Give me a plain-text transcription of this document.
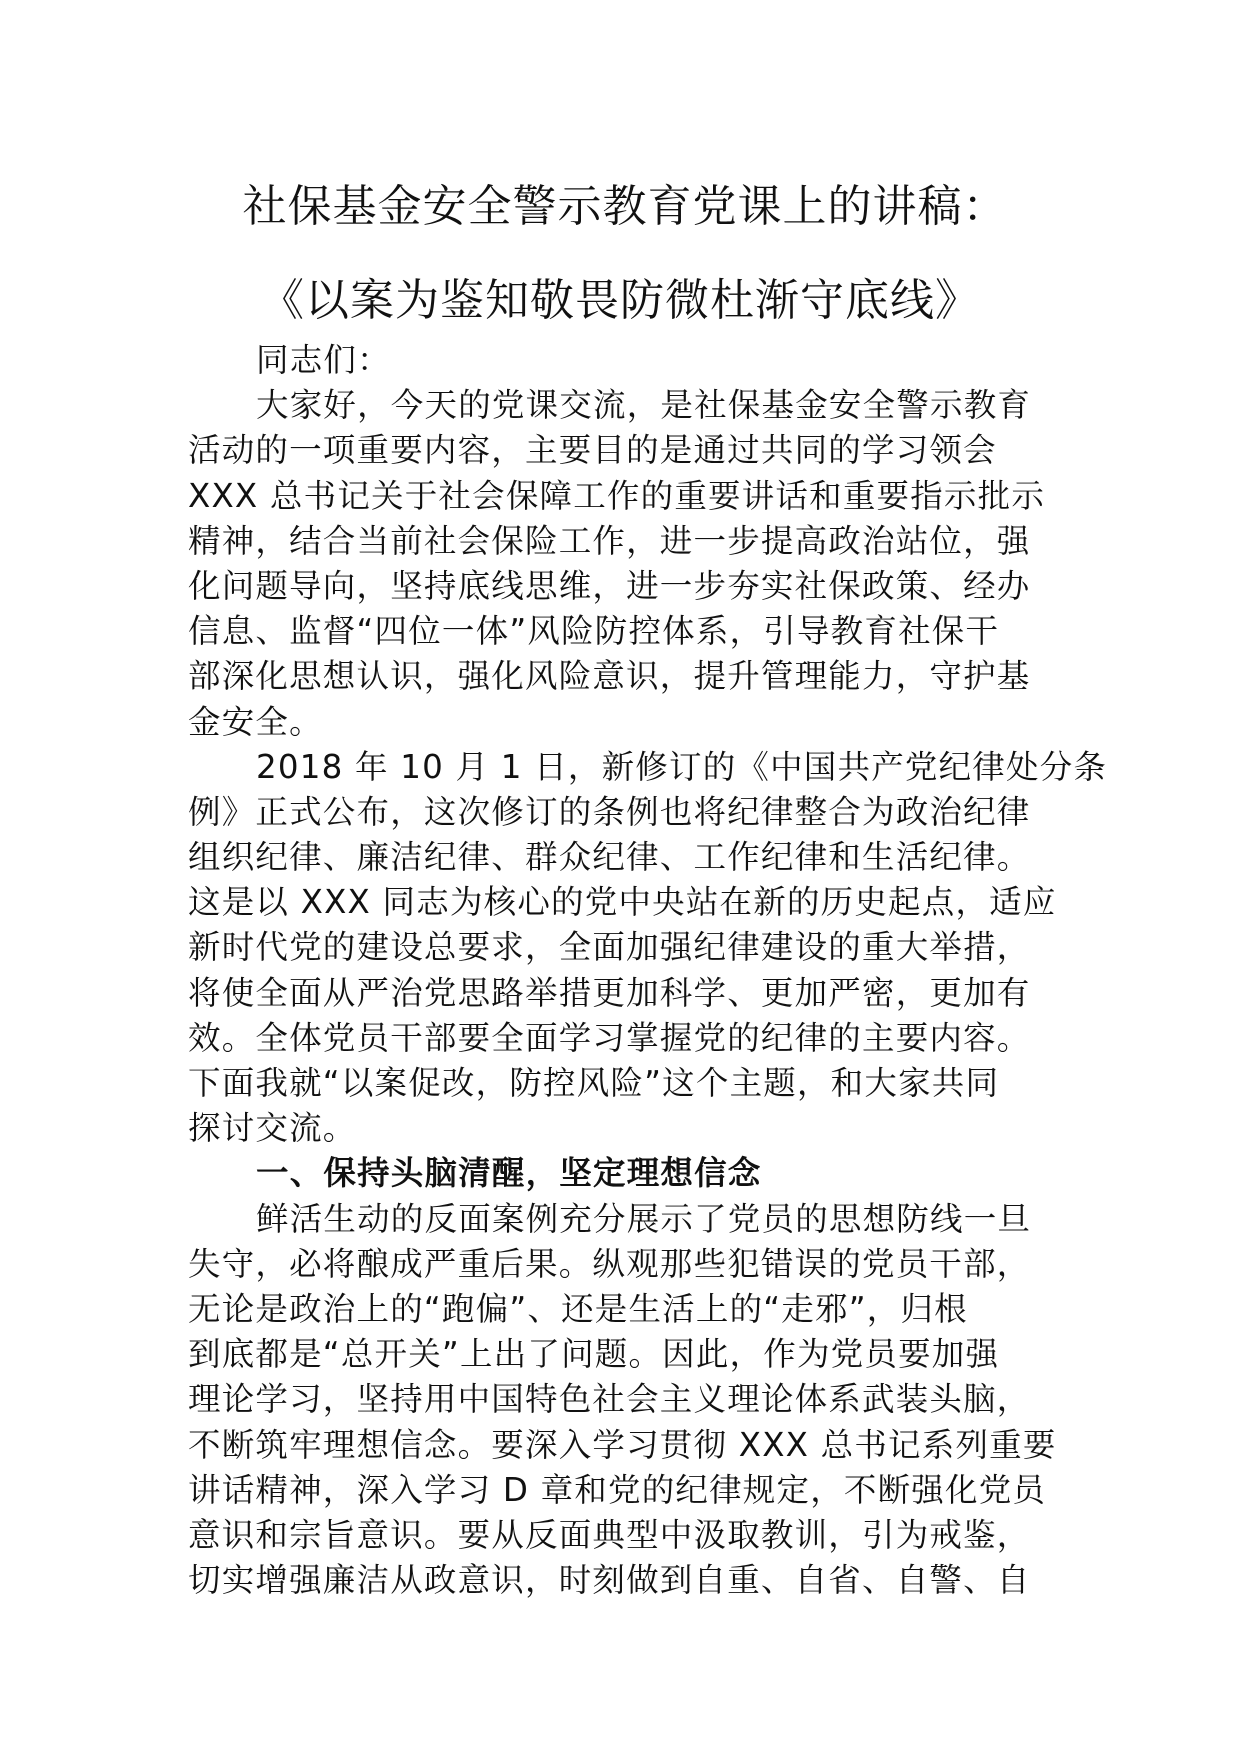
社保基金安全警示教育党课上的讲稿：
《以案为鉴知敬畏防微杜渐守底线》
同志们：
大家好，今天的党课交流，是社保基金安全警示教育
活动的一项重要内容，主要目的是通过共同的学习领会
XXX 总书记关于社会保障工作的重要讲话和重要指示批示
精神，结合当前社会保险工作，进一步提高政治站位，强
化问题导向，坚持底线思维，进一步夯实社保政策、经办
信息、监督“四位一体”风险防控体系，引导教育社保干
部深化思想认识，强化风险意识，提升管理能力，守护基
金安全。
2018 年 10 月 1 日，新修订的《中国共产党纪律处分条
例》正式公布，这次修订的条例也将纪律整合为政治纪律
组织纪律、廉洁纪律、群众纪律、工作纪律和生活纪律。
这是以 XXX 同志为核心的党中央站在新的历史起点，适应
新时代党的建设总要求，全面加强纪律建设的重大举措，
将使全面从严治党思路举措更加科学、更加严密，更加有
效。全体党员干部要全面学习掌握党的纪律的主要内容。
下面我就“以案促改，防控风险”这个主题，和大家共同
探讨交流。
一、保持头脑清醒，坚定理想信念
鲜活生动的反面案例充分展示了党员的思想防线一旦
失守，必将酿成严重后果。纵观那些犯错误的党员干部，
无论是政治上的“跑偏”、还是生活上的“走邪”，归根
到底都是“总开关”上出了问题。因此，作为党员要加强
理论学习，坚持用中国特色社会主义理论体系武装头脑，
不断筑牢理想信念。要深入学习贯彻 XXX 总书记系列重要
讲话精神，深入学习 D 章和党的纪律规定，不断强化党员
意识和宗旨意识。要从反面典型中汲取教训，引为戒鉴，
切实增强廉洁从政意识，时刻做到自重、自省、自警、自
